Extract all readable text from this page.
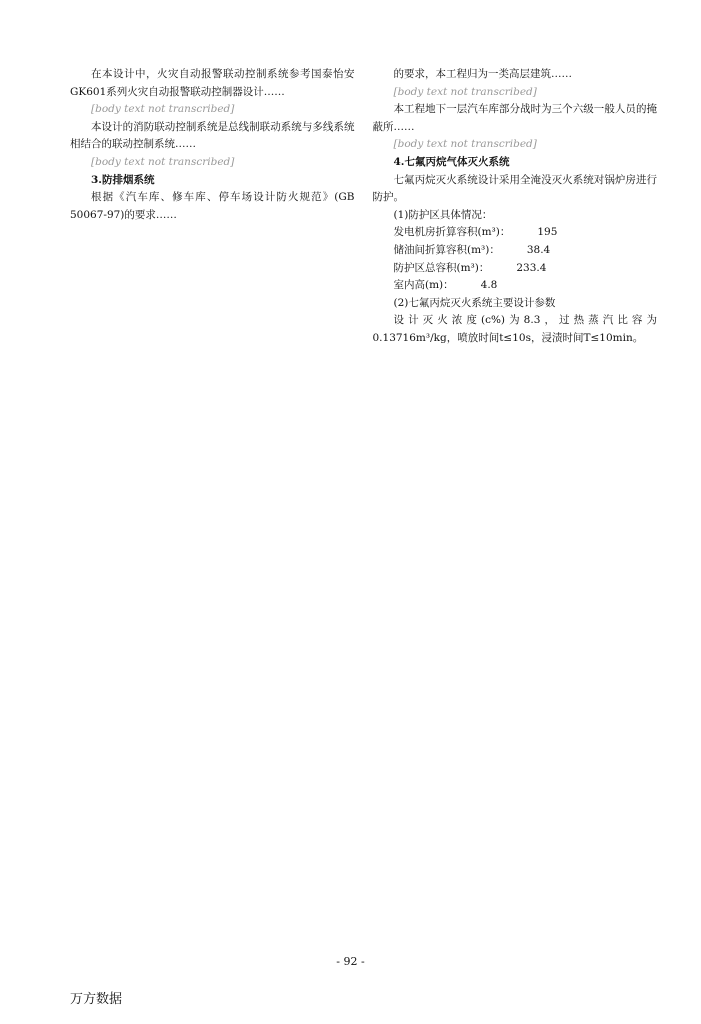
在本设计中，火灾自动报警联动控制系统参考国泰怡安GK601系列火灾自动报警联动控制器设计……

[body text not transcribed]

本设计的消防联动控制系统是总线制联动系统与多线系统相结合的联动控制系统……

[body text not transcribed]

3.防排烟系统

根据《汽车库、修车库、停车场设计防火规范》(GB 50067-97)的要求……

的要求，本工程归为一类高层建筑……

[body text not transcribed]

本工程地下一层汽车库部分战时为三个六级一般人员的掩蔽所……

[body text not transcribed]

4.七氟丙烷气体灭火系统

七氟丙烷灭火系统设计采用全淹没灭火系统对锅炉房进行防护。

(1)防护区具体情况：

发电机房折算容积(m³)：	195
储油间折算容积(m³)：	38.4
防护区总容积(m³)：	233.4
室内高(m)：	4.8

(2)七氟丙烷灭火系统主要设计参数

设计灭火浓度(c%)为8.3，过热蒸汽比容为0.13716m³/kg，喷放时间t≤10s，浸渍时间T≤10min。

- 92 -
万方数据
